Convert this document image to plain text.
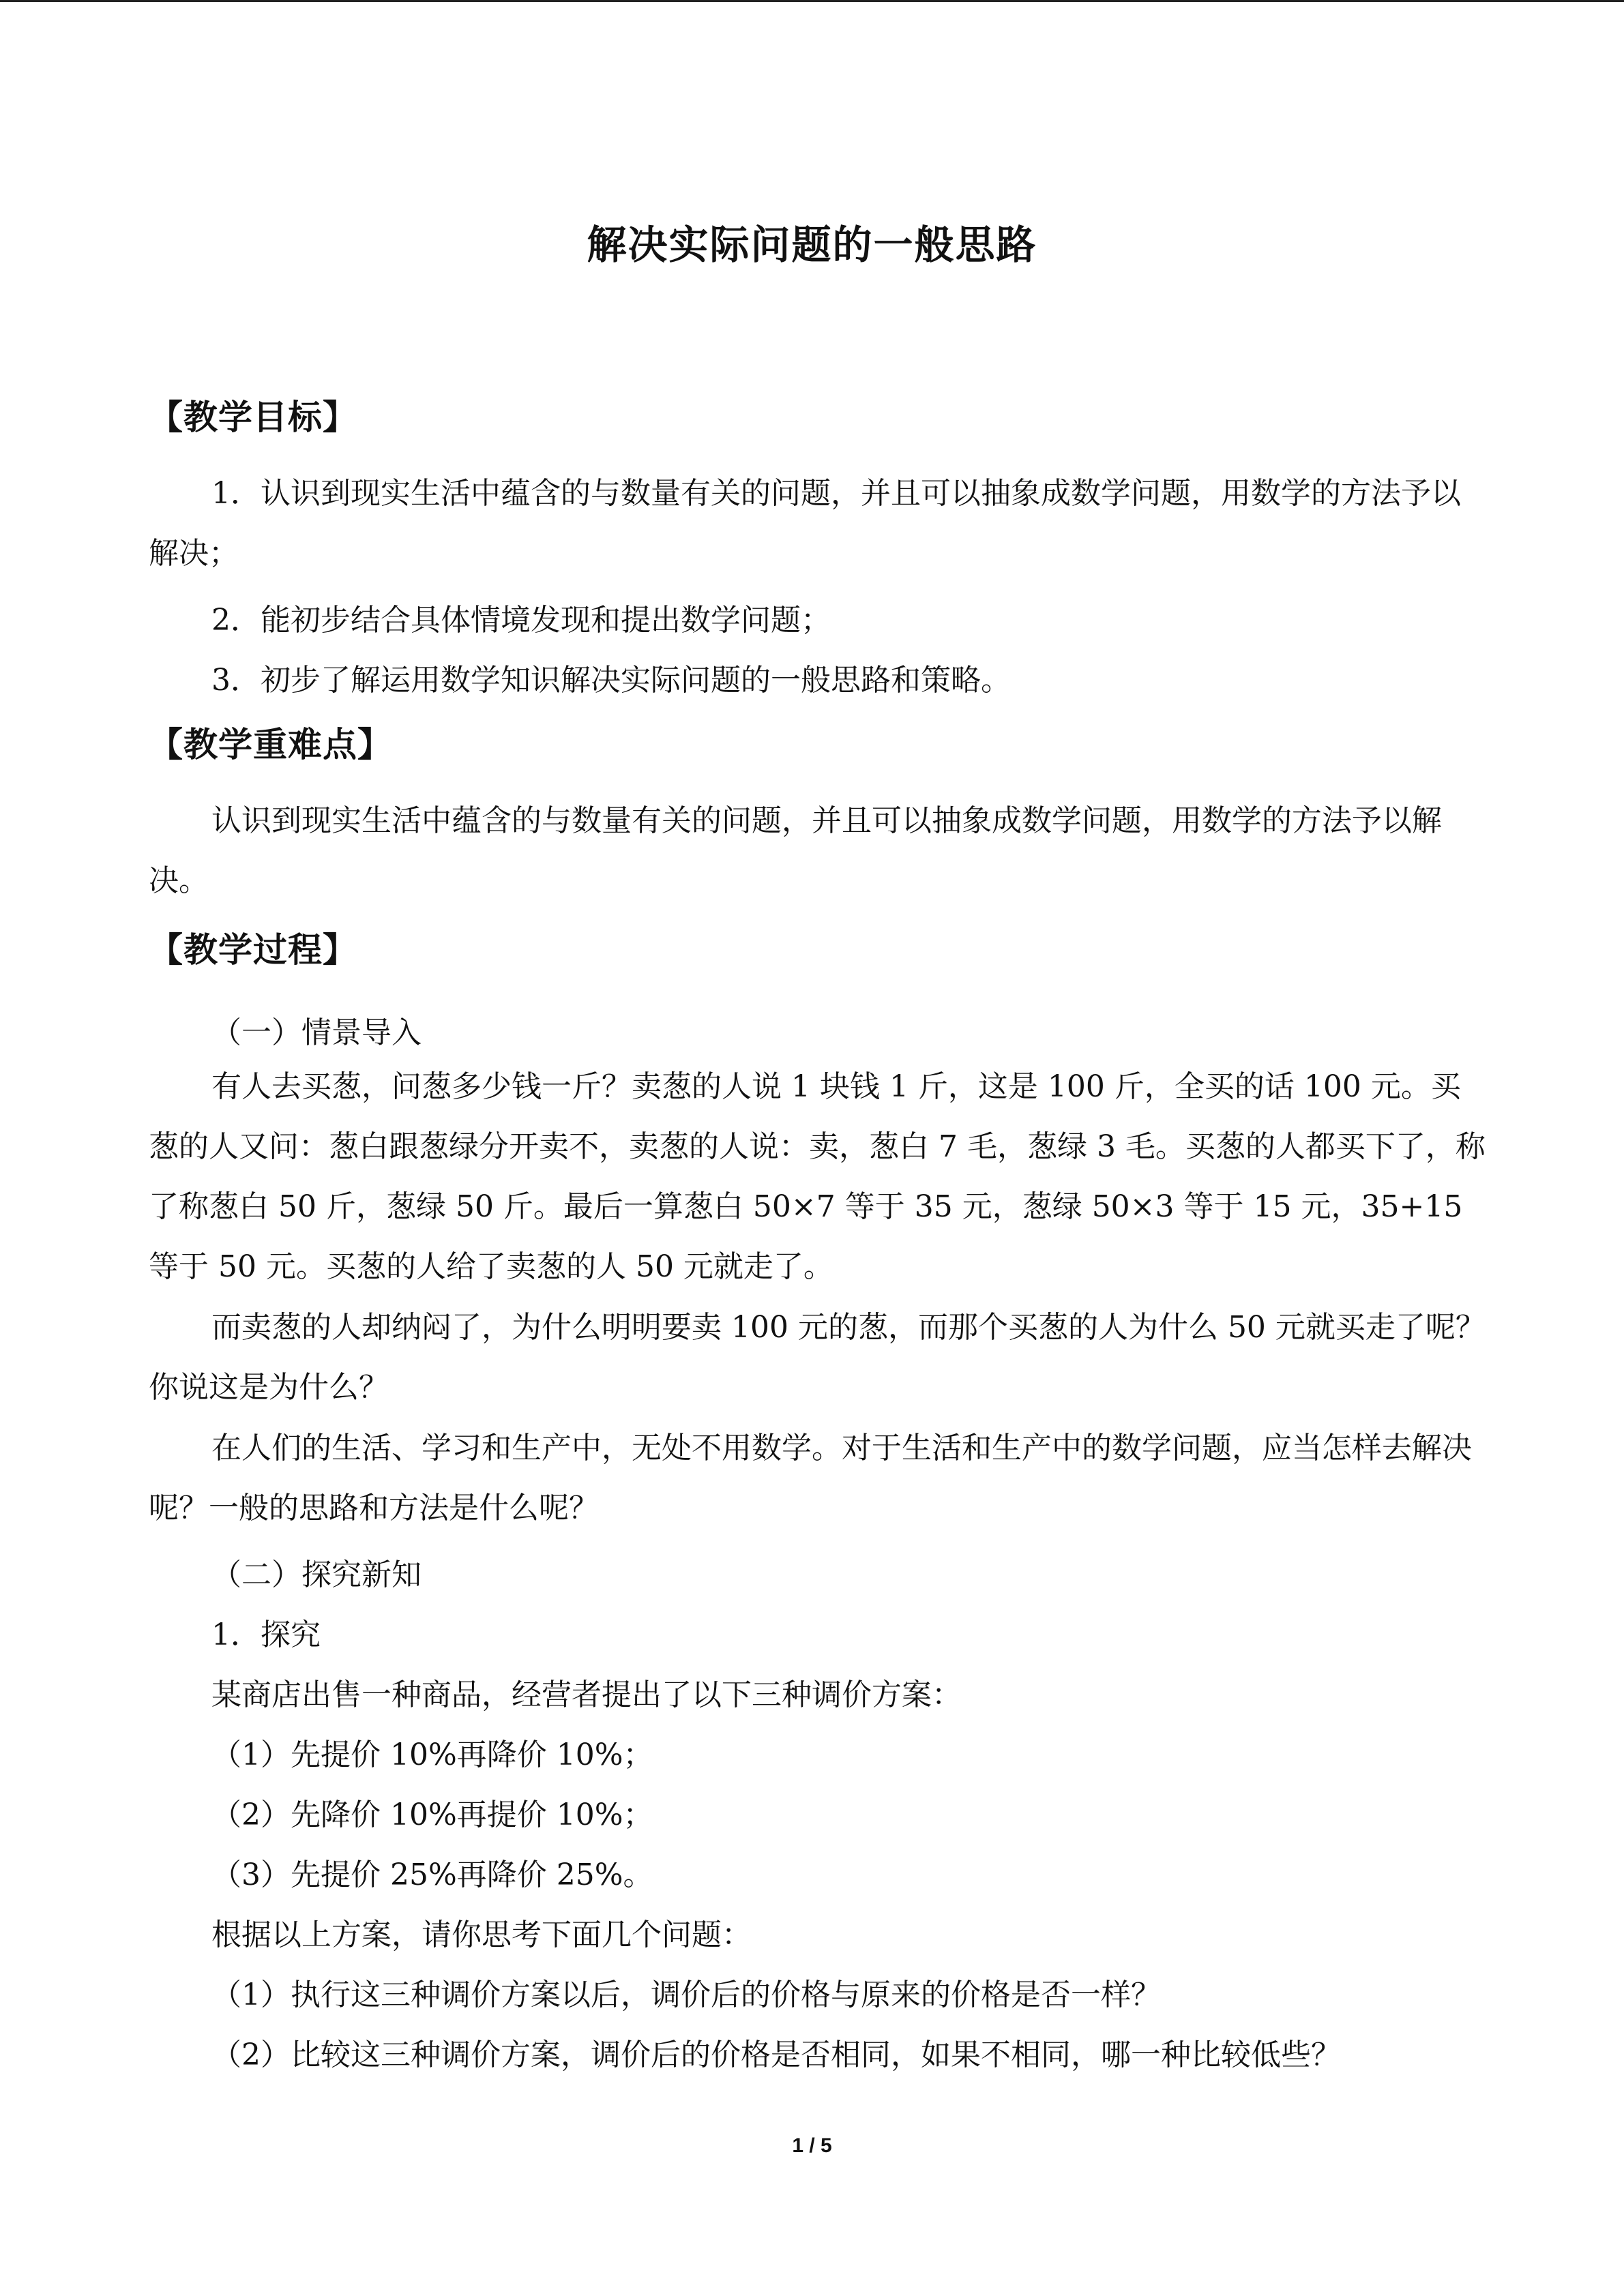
解决实际问题的一般思路
【教学目标】
1．认识到现实生活中蕴含的与数量有关的问题，并且可以抽象成数学问题，用数学的方法予以解决；
2．能初步结合具体情境发现和提出数学问题；
3．初步了解运用数学知识解决实际问题的一般思路和策略。
【教学重难点】
认识到现实生活中蕴含的与数量有关的问题，并且可以抽象成数学问题，用数学的方法予以解决。
【教学过程】
（一）情景导入
有人去买葱，问葱多少钱一斤？卖葱的人说 1 块钱 1 斤，这是 100 斤，全买的话 100 元。买葱的人又问：葱白跟葱绿分开卖不，卖葱的人说：卖，葱白 7 毛，葱绿 3 毛。买葱的人都买下了，称了称葱白 50 斤，葱绿 50 斤。最后一算葱白 50×7 等于 35 元，葱绿 50×3 等于 15 元，35+15 等于 50 元。买葱的人给了卖葱的人 50 元就走了。
而卖葱的人却纳闷了，为什么明明要卖 100 元的葱，而那个买葱的人为什么 50 元就买走了呢？你说这是为什么？
在人们的生活、学习和生产中，无处不用数学。对于生活和生产中的数学问题，应当怎样去解决呢？一般的思路和方法是什么呢？
（二）探究新知
1．探究
某商店出售一种商品，经营者提出了以下三种调价方案：
（1）先提价 10%再降价 10%；
（2）先降价 10%再提价 10%；
（3）先提价 25%再降价 25%。
根据以上方案，请你思考下面几个问题：
（1）执行这三种调价方案以后，调价后的价格与原来的价格是否一样？
（2）比较这三种调价方案，调价后的价格是否相同，如果不相同，哪一种比较低些？
1 / 5
